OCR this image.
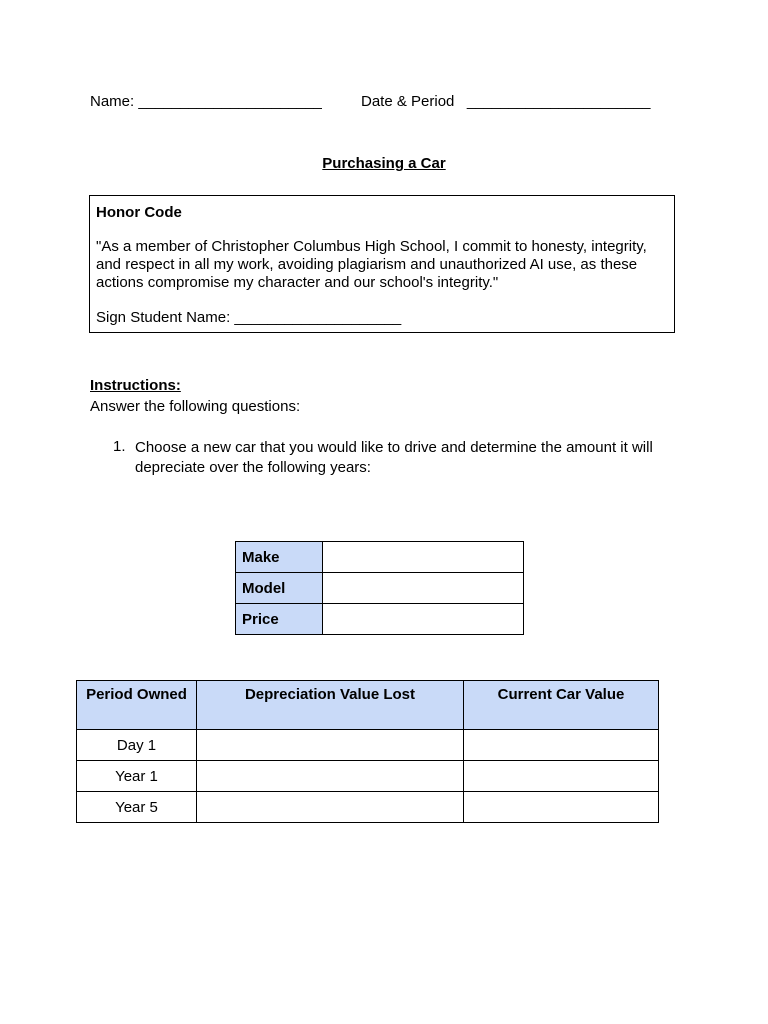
Name: ______________________	Date & Period   ______________________
Purchasing a Car
Honor Code
"As a member of Christopher Columbus High School, I commit to honesty, integrity, and respect in all my work, avoiding plagiarism and unauthorized AI use, as these actions compromise my character and our school's integrity."
Sign Student Name: ____________________
Instructions:
Answer the following questions:
1. Choose a new car that you would like to drive and determine the amount it will depreciate over the following years:
Make	
Model	
Price	
Period Owned	Depreciation Value Lost	Current Car Value
Day 1		
Year 1		
Year 5		
